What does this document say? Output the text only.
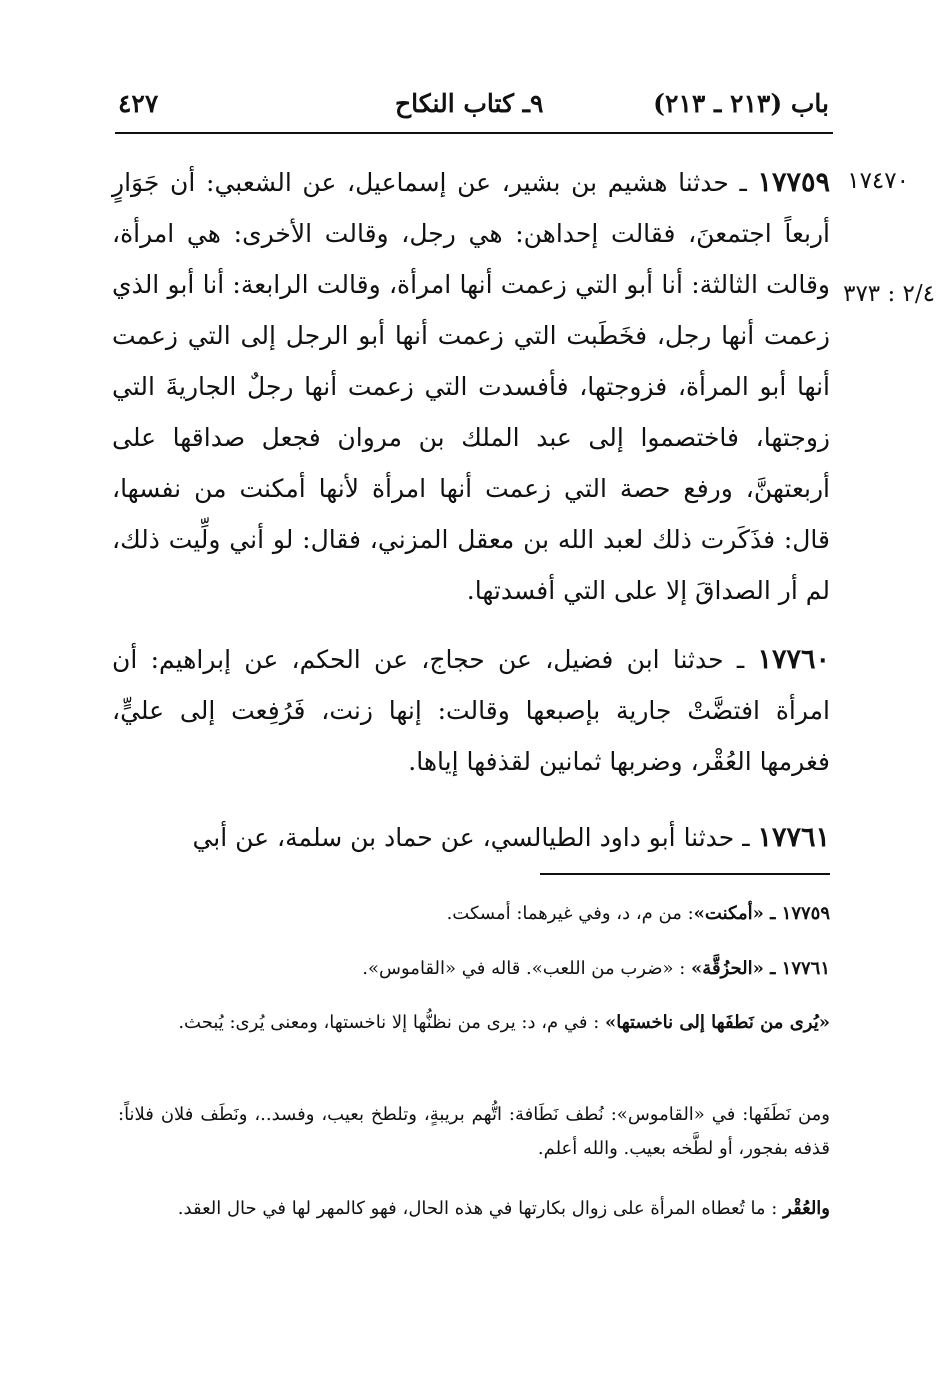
باب (٢١٣ ـ ٢١٣)
٩ـ كتاب النكاح
٤٢٧
١٧٤٧٠
٢/٤ : ٣٧٣
١٧٧٥٩ ـ حدثنا هشيم بن بشير، عن إسماعيل، عن الشعبي: أن جَوَارٍ أربعاً اجتمعنَ، فقالت إحداهن: هي رجل، وقالت الأخرى: هي امرأة، وقالت الثالثة: أنا أبو التي زعمت أنها امرأة، وقالت الرابعة: أنا أبو الذي زعمت أنها رجل، فخَطَبت التي زعمت أنها أبو الرجل إلى التي زعمت أنها أبو المرأة، فزوجتها، فأفسدت التي زعمت أنها رجلٌ الجاريةَ التي زوجتها، فاختصموا إلى عبد الملك بن مروان فجعل صداقها على أربعتهنَّ، ورفع حصة التي زعمت أنها امرأة لأنها أمكنت من نفسها، قال: فذَكَرت ذلك لعبد الله بن معقل المزني، فقال: لو أني ولِّيت ذلك، لم أر الصداقَ إلا على التي أفسدتها.
١٧٧٦٠ ـ حدثنا ابن فضيل، عن حجاج، عن الحكم، عن إبراهيم: أن امرأة افتضَّتْ جارية بإصبعها وقالت: إنها زنت، فَرُفِعت إلى عليٍّ، فغرمها العُقْر، وضربها ثمانين لقذفها إياها.
١٧٧٦١ ـ حدثنا أبو داود الطيالسي، عن حماد بن سلمة، عن أبي
١٧٧٥٩ ـ «أمكنت»: من م، د، وفي غيرهما: أمسكت.
١٧٧٦١ ـ «الحزُقَّة» : «ضرب من اللعب». قاله في «القاموس».
«يُرى من نَطفَها إلى ناخستها» : في م، د: يرى من نظنُّها إلا ناخستها، ومعنى يُرى: يُبحث.
ومن نَطَفَها: في «القاموس»: نُطف نَطَافة: اتُّهم بريبةٍ، وتلطخ بعيب، وفسد..، ونَطَف فلان فلاناً: قذفه بفجور، أو لطَّخه بعيب. والله أعلم.
والعُقْر : ما تُعطاه المرأة على زوال بكارتها في هذه الحال، فهو كالمهر لها في حال العقد.
